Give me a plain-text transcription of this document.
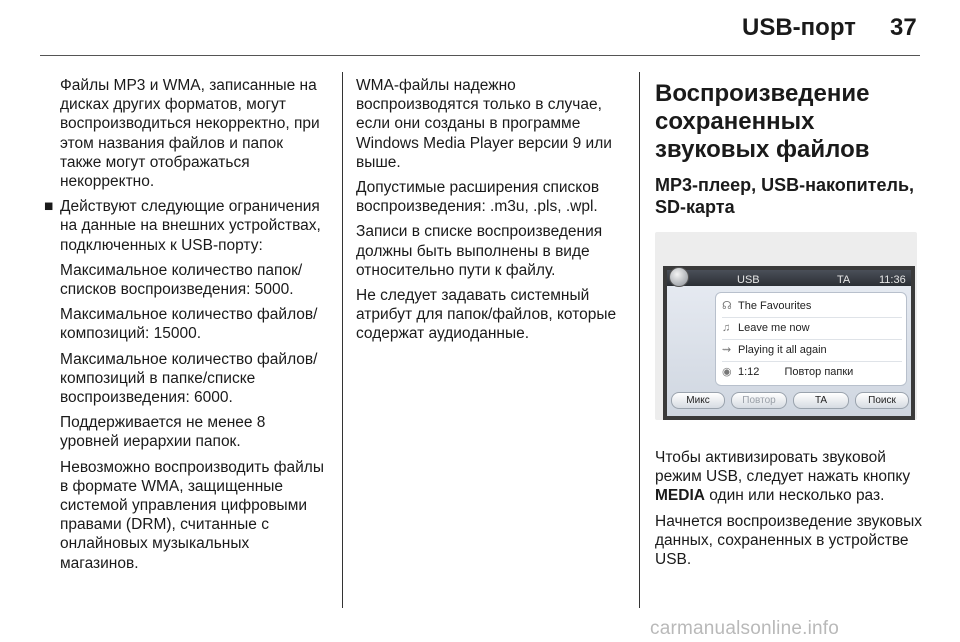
USB-порт 37

Файлы MP3 и WMA, записанные на дисках других форматов, могут воспроизводиться некорректно, при этом названия файлов и папок также могут отображаться некорректно.

■ Действуют следующие ограничения на данные на внешних устройствах, подключенных к USB-порту:

Максимальное количество папок/списков воспроизведения: 5000.

Максимальное количество файлов/композиций: 15000.

Максимальное количество файлов/композиций в папке/списке воспроизведения: 6000.

Поддерживается не менее 8 уровней иерархии папок.

Невозможно воспроизводить файлы в формате WMA, защищенные системой управления цифровыми правами (DRM), считанные с онлайновых музыкальных магазинов.

WMA-файлы надежно воспроизводятся только в случае, если они созданы в программе Windows Media Player версии 9 или выше.

Допустимые расширения списков воспроизведения: .m3u, .pls, .wpl.

Записи в списке воспроизведения должны быть выполнены в виде относительно пути к файлу.

Не следует задавать системный атрибут для папок/файлов, которые содержат аудиоданные.

Воспроизведение сохраненных звуковых файлов
MP3-плеер, USB-накопитель, SD-карта
USB	TA	11:36
☊ The Favourites
♫ Leave me now
⇝ Playing it all again
◉ 1:12 Повтор папки
Микс	Повтор	TA	Поиск

Чтобы активизировать звуковой режим USB, следует нажать кнопку MEDIA один или несколько раз.

Начнется воспроизведение звуковых данных, сохраненных в устройстве USB.

carmanualsonline.info
